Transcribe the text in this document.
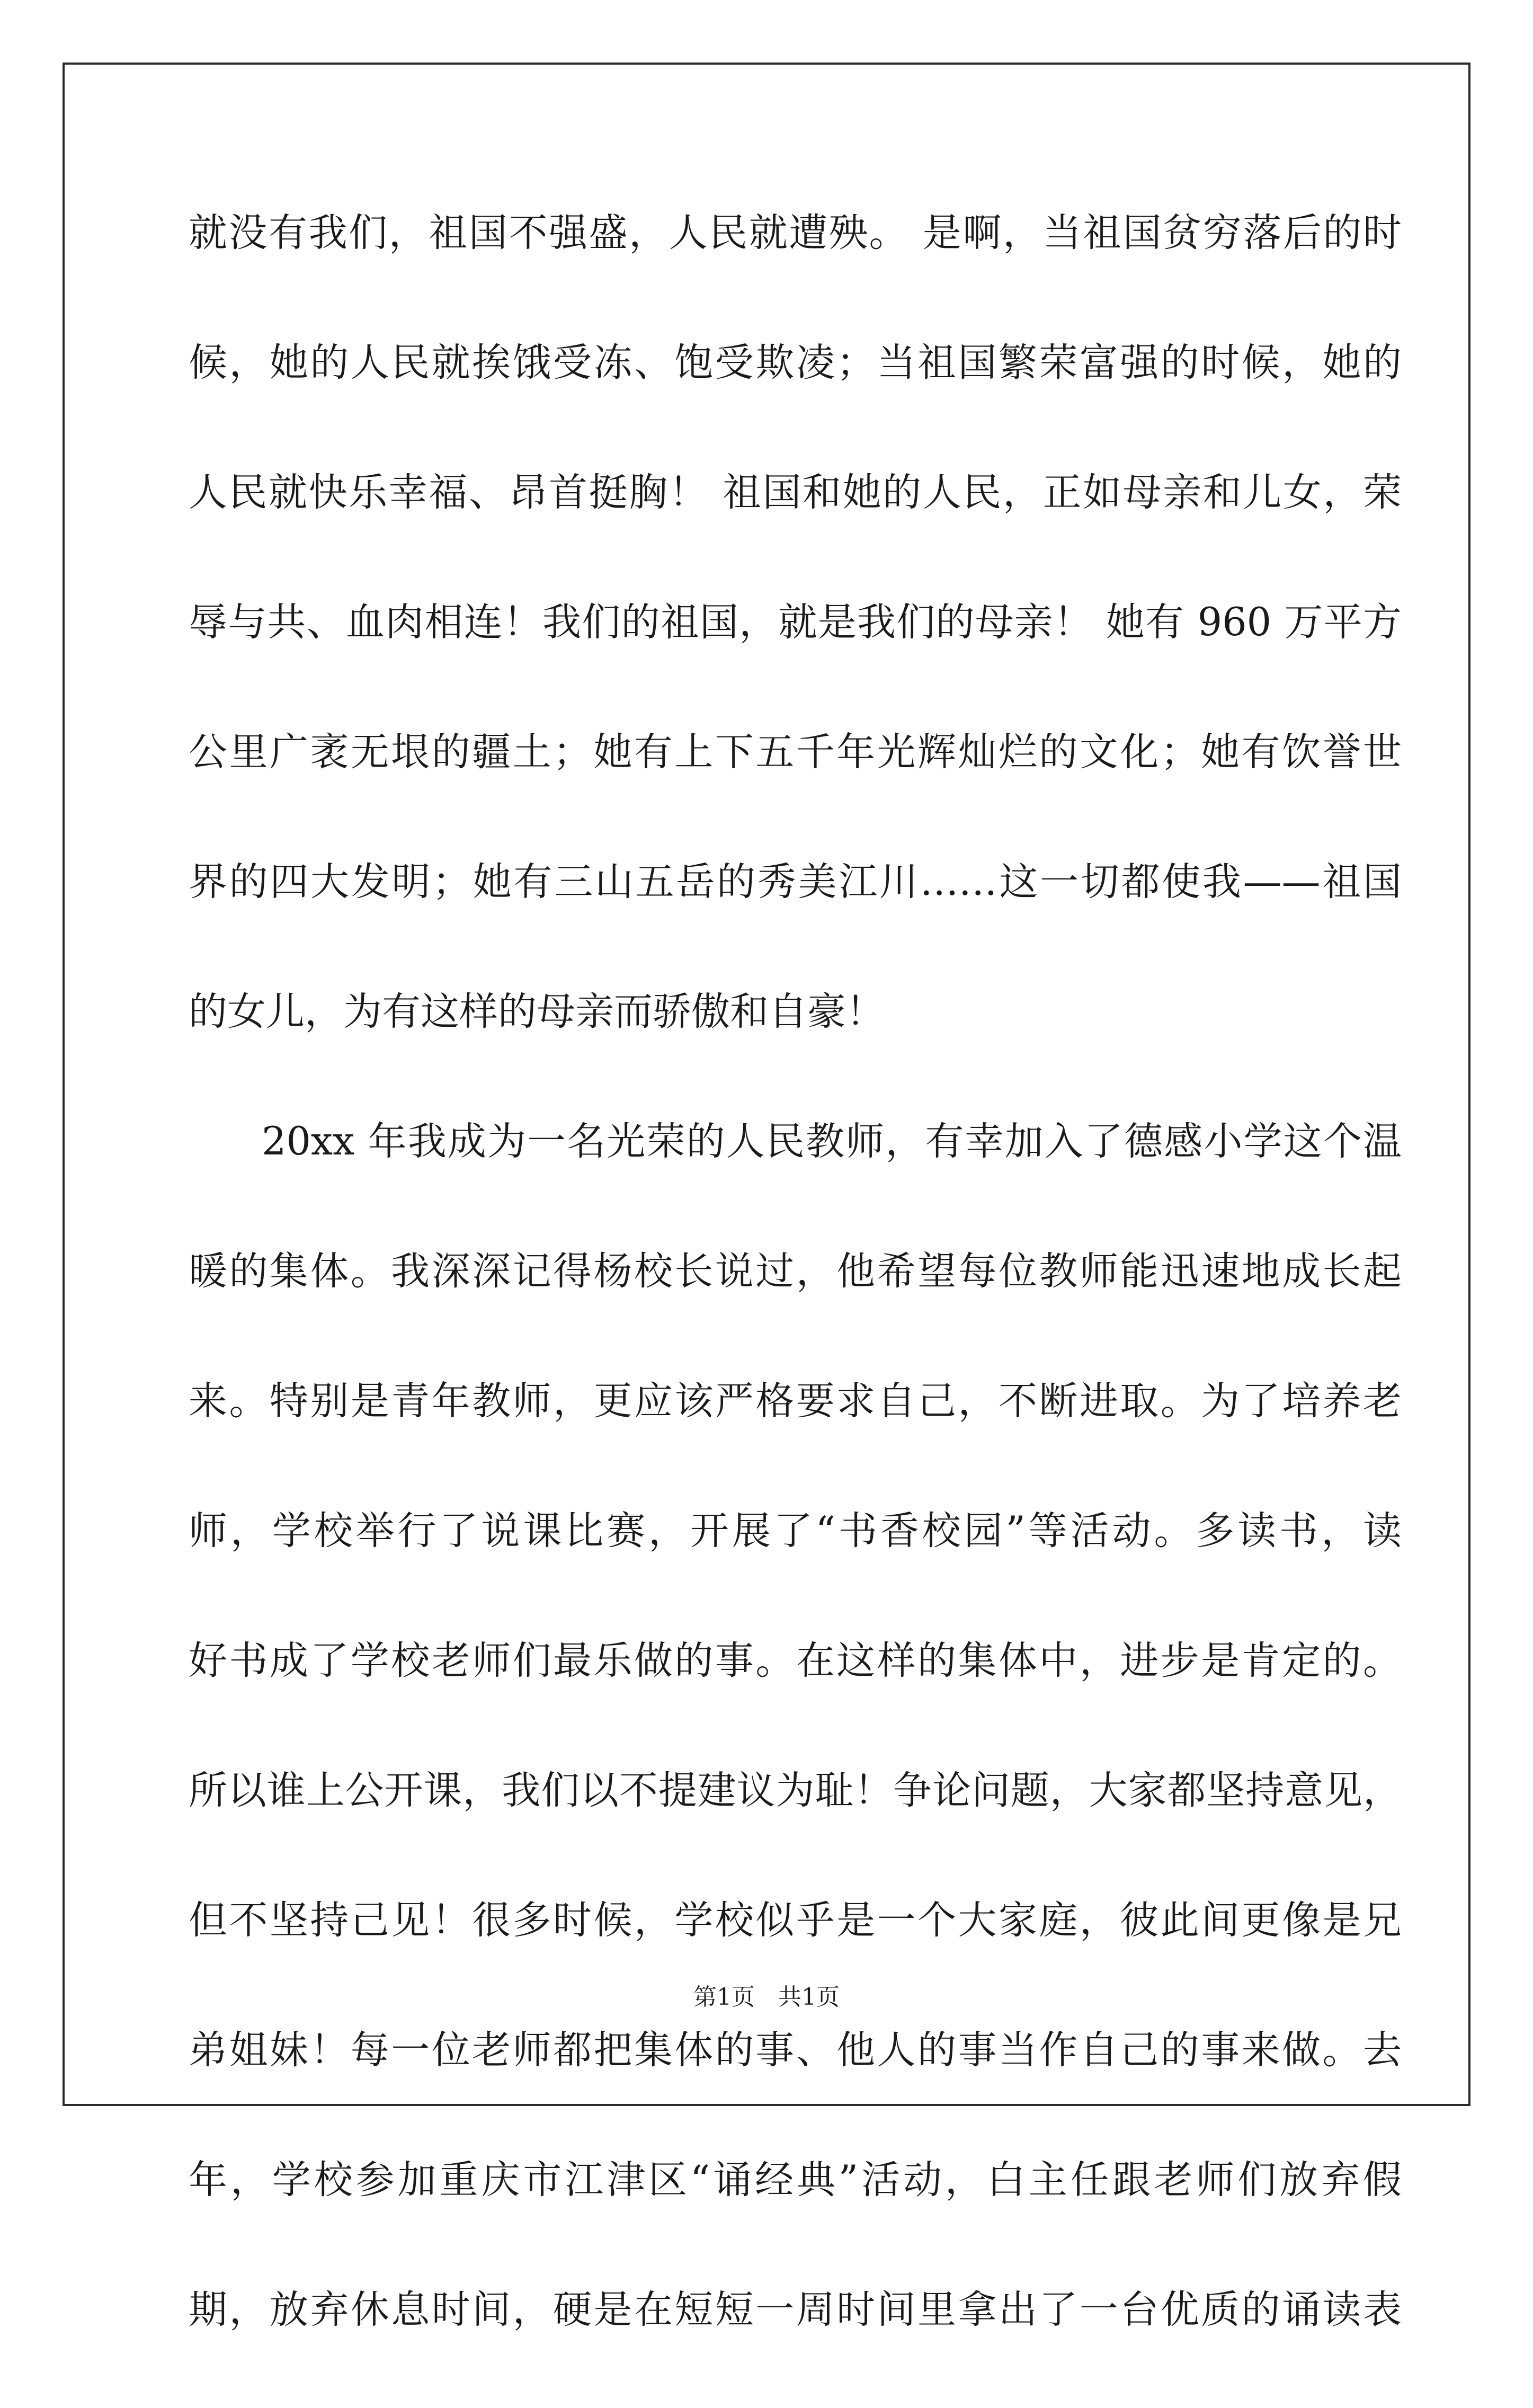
就没有我们，祖国不强盛，人民就遭殃。 是啊，当祖国贫穷落后的时
候，她的人民就挨饿受冻、饱受欺凌；当祖国繁荣富强的时候，她的
人民就快乐幸福、昂首挺胸！ 祖国和她的人民，正如母亲和儿女，荣
辱与共、血肉相连！我们的祖国，就是我们的母亲！ 她有 960 万平方
公里广袤无垠的疆土；她有上下五千年光辉灿烂的文化；她有饮誉世
界的四大发明；她有三山五岳的秀美江川……这一切都使我——祖国
的女儿，为有这样的母亲而骄傲和自豪！
20xx 年我成为一名光荣的人民教师，有幸加入了德感小学这个温
暖的集体。我深深记得杨校长说过，他希望每位教师能迅速地成长起
来。特别是青年教师，更应该严格要求自己，不断进取。为了培养老
师，学校举行了说课比赛，开展了“书香校园”等活动。多读书，读
好书成了学校老师们最乐做的事。在这样的集体中，进步是肯定的。
所以谁上公开课，我们以不提建议为耻！争论问题，大家都坚持意见，
但不坚持己见！很多时候，学校似乎是一个大家庭，彼此间更像是兄
弟姐妹！每一位老师都把集体的事、他人的事当作自己的事来做。去
年，学校参加重庆市江津区“诵经典”活动，白主任跟老师们放弃假
期，放弃休息时间，硬是在短短一周时间里拿出了一台优质的诵读表
第1页　共1页
